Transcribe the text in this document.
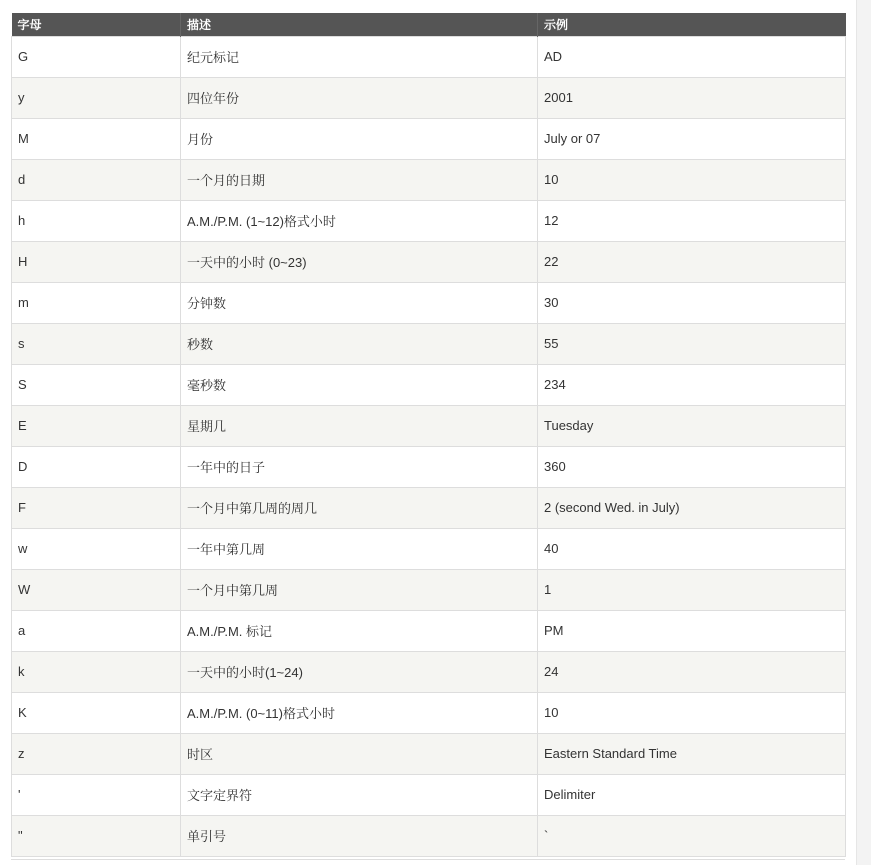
字母	描述	示例
G	纪元标记	AD
y	四位年份	2001
M	月份	July or 07
d	一个月的日期	10
h	A.M./P.M. (1~12)格式小时	12
H	一天中的小时 (0~23)	22
m	分钟数	30
s	秒数	55
S	毫秒数	234
E	星期几	Tuesday
D	一年中的日子	360
F	一个月中第几周的周几	2 (second Wed. in July)
w	一年中第几周	40
W	一个月中第几周	1
a	A.M./P.M. 标记	PM
k	一天中的小时(1~24)	24
K	A.M./P.M. (0~11)格式小时	10
z	时区	Eastern Standard Time
'	文字定界符	Delimiter
"	单引号	`
